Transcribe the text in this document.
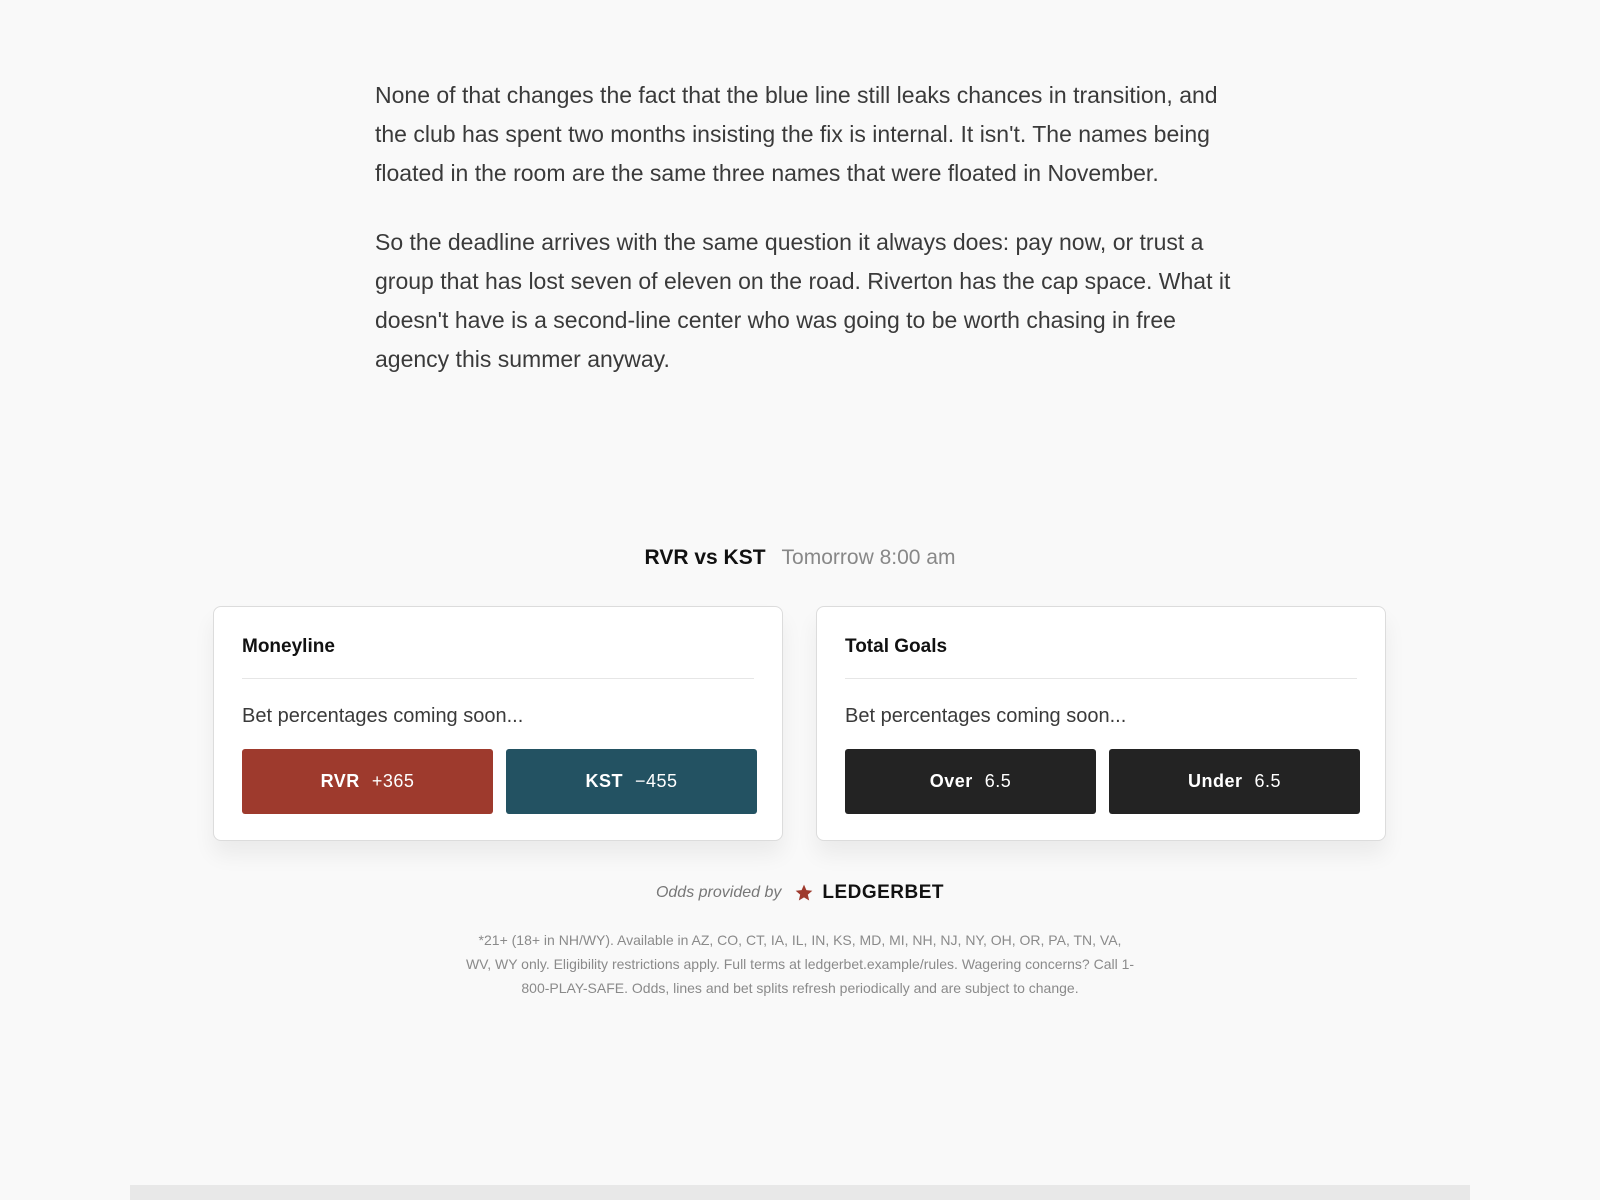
None of that changes the fact that the blue line still leaks chances in transition, and the club has spent two months insisting the fix is internal. It isn't. The names being floated in the room are the same three names that were floated in November.

So the deadline arrives with the same question it always does: pay now, or trust a group that has lost seven of eleven on the road. Riverton has the cap space. What it doesn't have is a second-line center who was going to be worth chasing in free agency this summer anyway.

RVR vs KST Tomorrow 8:00 am
Moneyline
Bet percentages coming soon...
RVR +365	KST −455
Total Goals
Bet percentages coming soon...
Over 6.5	Under 6.5
Odds provided by LEDGERBET
*21+ (18+ in NH/WY). Available in AZ, CO, CT, IA, IL, IN, KS, MD, MI, NH, NJ, NY, OH, OR, PA, TN, VA, WV, WY only. Eligibility restrictions apply. Full terms at ledgerbet.example/rules. Wagering concerns? Call 1-800-PLAY-SAFE. Odds, lines and bet splits refresh periodically and are subject to change.
